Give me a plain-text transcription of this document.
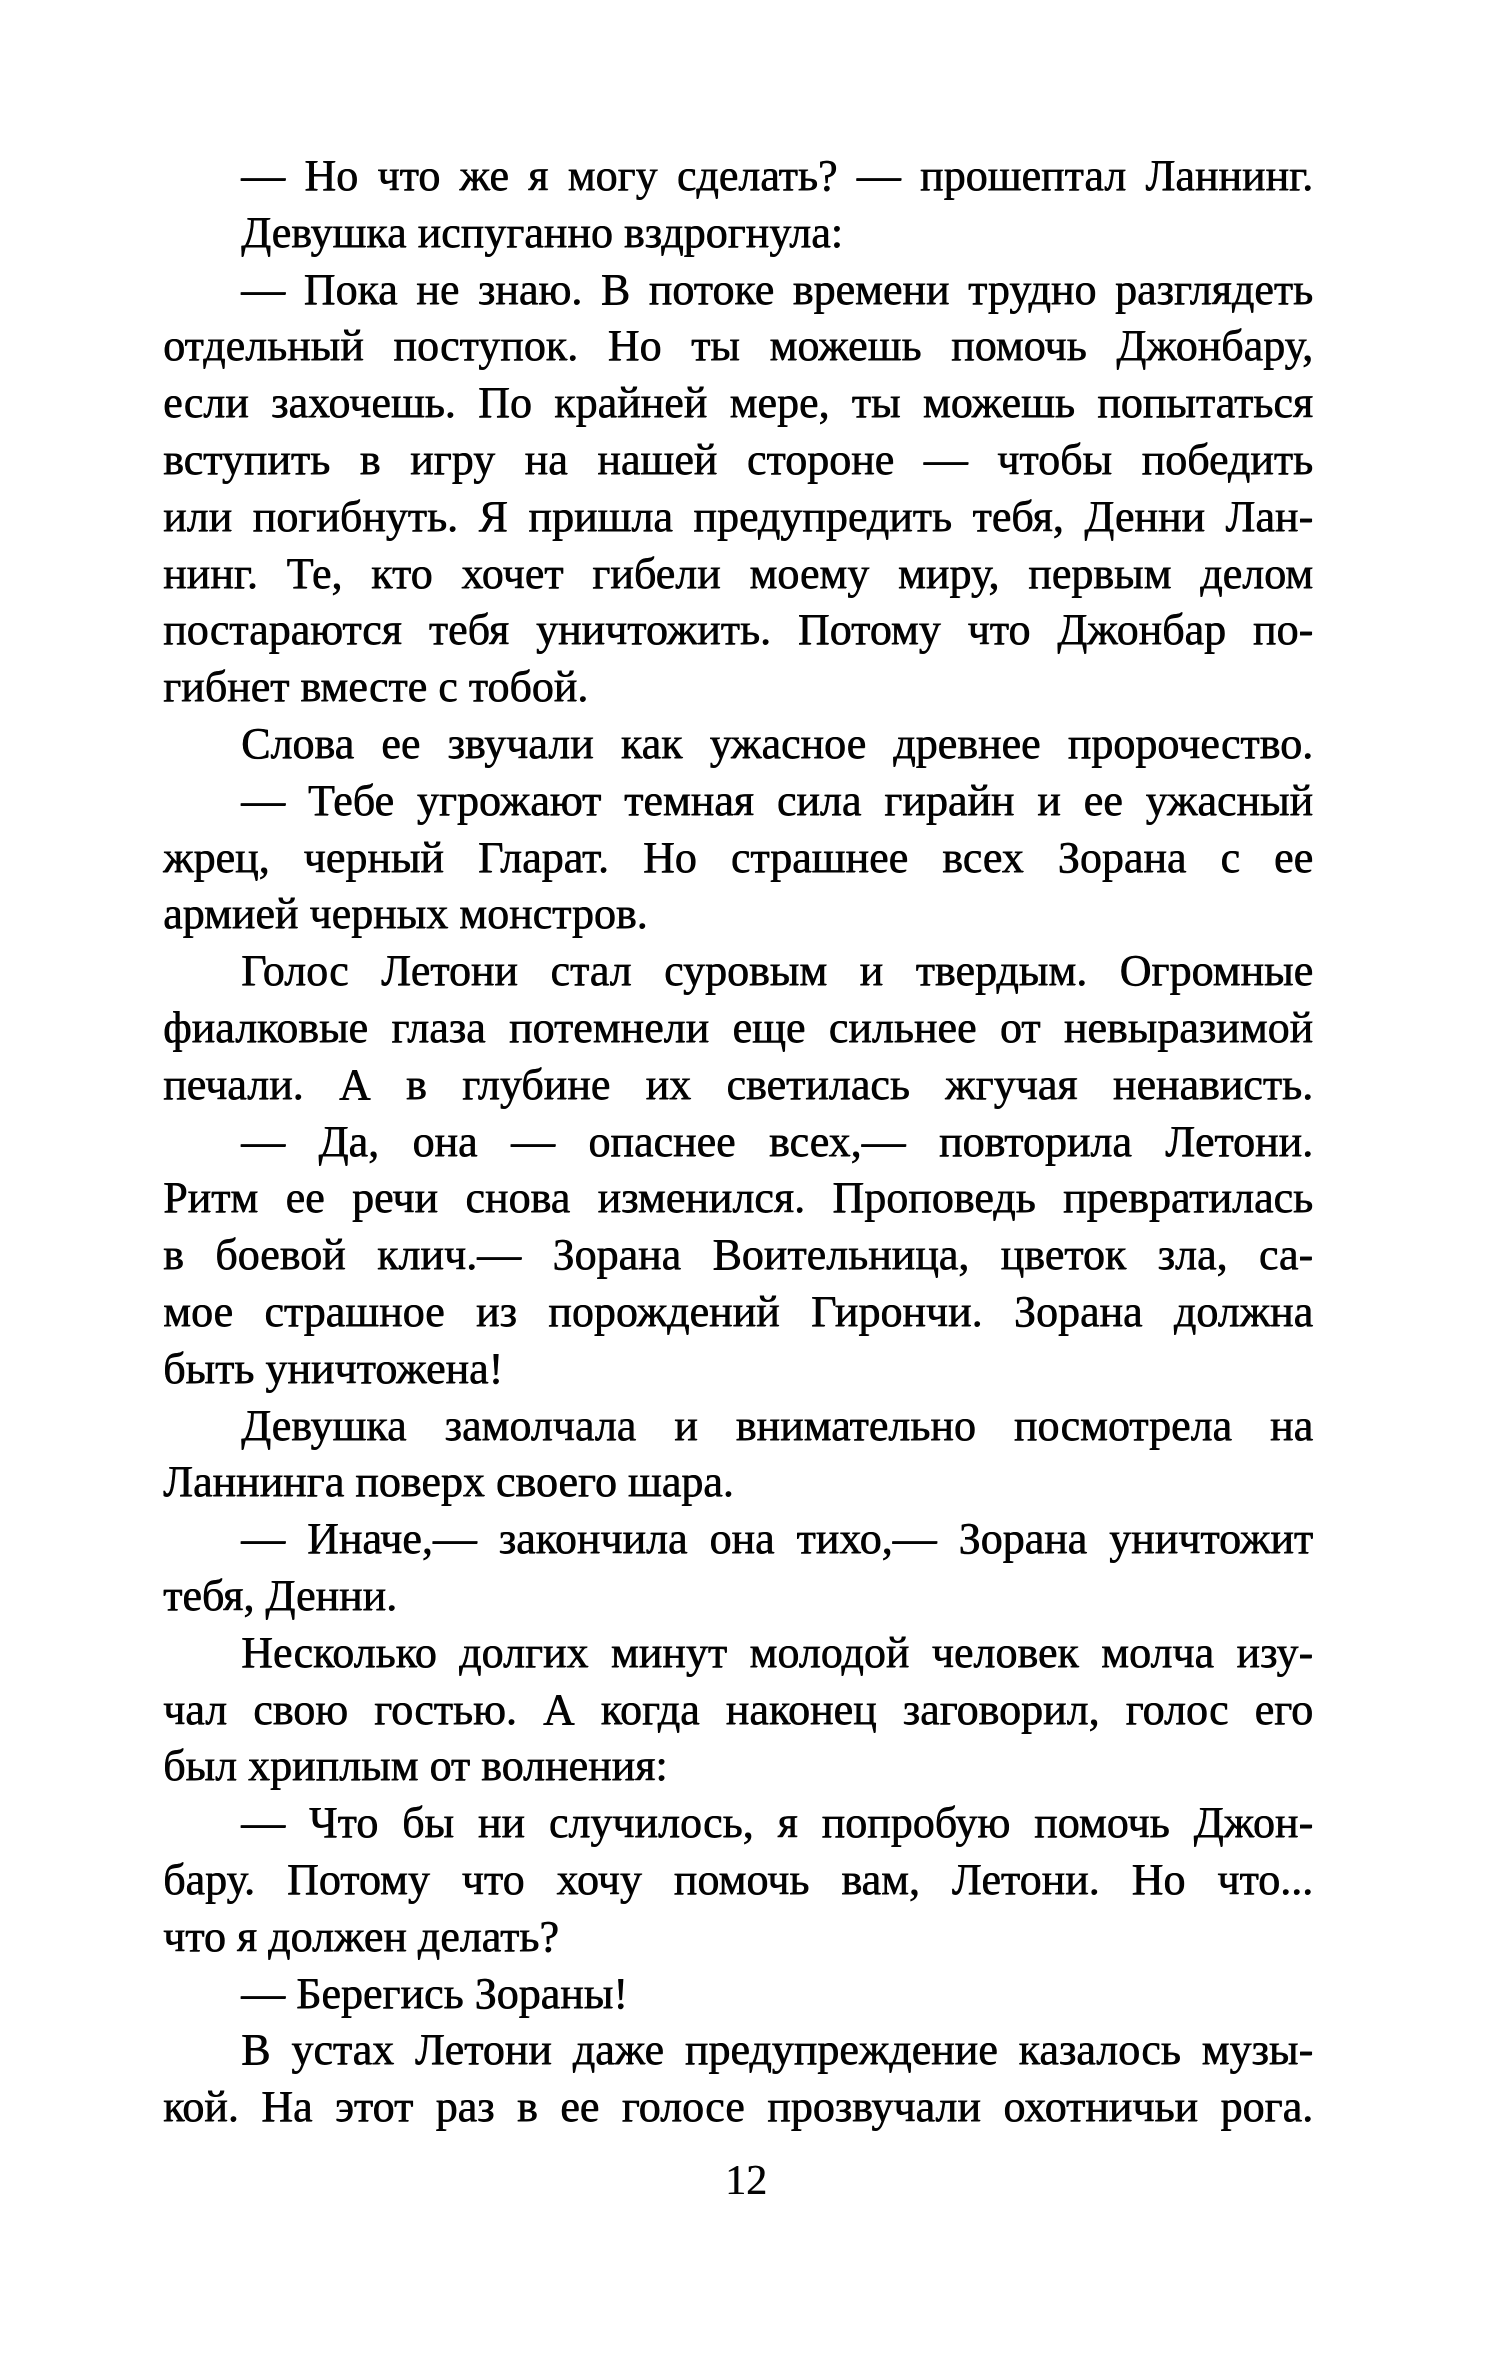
— Но что же я могу сделать? — прошептал Ланнинг.
Девушка испуганно вздрогнула:
— Пока не знаю. В потоке времени трудно разглядеть
отдельный поступок. Но ты можешь помочь Джонбару,
если захочешь. По крайней мере, ты можешь попытаться
вступить в игру на нашей стороне — чтобы победить
или погибнуть. Я пришла предупредить тебя, Денни Лан-
нинг. Те, кто хочет гибели моему миру, первым делом
постараются тебя уничтожить. Потому что Джонбар по-
гибнет вместе с тобой.
Слова ее звучали как ужасное древнее пророчество.
— Тебе угрожают темная сила гирайн и ее ужасный
жрец, черный Гларат. Но страшнее всех Зорана с ее
армией черных монстров.
Голос Летони стал суровым и твердым. Огромные
фиалковые глаза потемнели еще сильнее от невыразимой
печали. А в глубине их светилась жгучая ненависть.
— Да, она — опаснее всех,— повторила Летони.
Ритм ее речи снова изменился. Проповедь превратилась
в боевой клич.— Зорана Воительница, цветок зла, са-
мое страшное из порождений Гирончи. Зорана должна
быть уничтожена!
Девушка замолчала и внимательно посмотрела на
Ланнинга поверх своего шара.
— Иначе,— закончила она тихо,— Зорана уничтожит
тебя, Денни.
Несколько долгих минут молодой человек молча изу-
чал свою гостью. А когда наконец заговорил, голос его
был хриплым от волнения:
— Что бы ни случилось, я попробую помочь Джон-
бару. Потому что хочу помочь вам, Летони. Но что...
что я должен делать?
— Берегись Зораны!
В устах Летони даже предупреждение казалось музы-
кой. На этот раз в ее голосе прозвучали охотничьи рога.
12
